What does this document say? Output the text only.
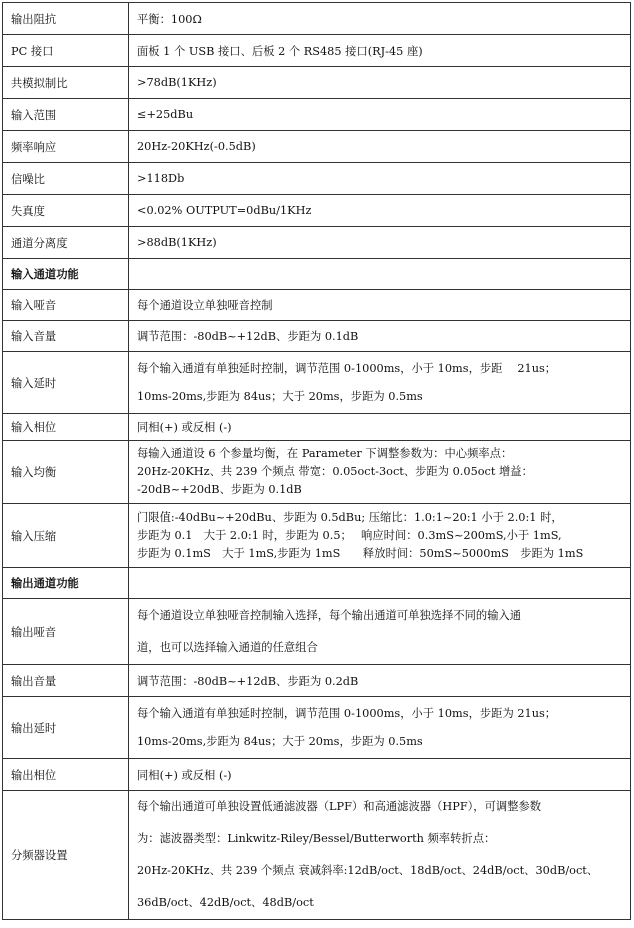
输出阻抗	平衡：100Ω

PC 接口	面板 1 个 USB 接口、后板 2 个 RS485 接口(RJ-45 座)

共模拟制比	>78dB(1KHz)

输入范围	≤+25dBu

频率响应	20Hz-20KHz(-0.5dB)

信噪比	>118Db

失真度	<0.02% OUTPUT=0dBu/1KHz

通道分离度	>88dB(1KHz)

输入通道功能	
输入哑音	每个通道设立单独哑音控制

输入音量	调节范围：-80dB~+12dB、步距为 0.1dB

输入延时	每个输入通道有单独延时控制，调节范围 0-1000ms，小于 10ms，步距　 21us；
10ms-20ms,步距为 84us；大于 20ms，步距为 0.5ms

输入相位	同相(+) 或反相 (-)

输入均衡	每输入通道设 6 个参量均衡，在 Parameter 下调整参数为：中心频率点：
20Hz-20KHz、共 239 个频点 带宽：0.05oct-3oct、步距为 0.05oct 增益：
-20dB~+20dB、步距为 0.1dB

输入压缩	门限值:-40dBu~+20dBu、步距为 0.5dBu; 压缩比：1.0:1~20:1 小于 2.0:1 时，
步距为 0.1　大于 2.0:1 时，步距为 0.5；　 响应时间：0.3mS~200mS,小于 1mS,
步距为 0.1mS　大于 1mS,步距为 1mS　　释放时间：50mS~5000mS　步距为 1mS

输出通道功能	
输出哑音	每个通道设立单独哑音控制输入选择，每个输出通道可单独选择不同的输入通
道，也可以选择输入通道的任意组合

输出音量	调节范围：-80dB~+12dB、步距为 0.2dB

输出延时	每个输入通道有单独延时控制，调节范围 0-1000ms，小于 10ms，步距为 21us；
10ms-20ms,步距为 84us；大于 20ms，步距为 0.5ms

输出相位	同相(+) 或反相 (-)

分频器设置	每个输出通道可单独设置低通滤波器（LPF）和高通滤波器（HPF），可调整参数
为：滤波器类型：Linkwitz-Riley/Bessel/Butterworth 频率转折点：
20Hz-20KHz、共 239 个频点 衰减斜率:12dB/oct、18dB/oct、24dB/oct、30dB/oct、
36dB/oct、42dB/oct、48dB/oct
